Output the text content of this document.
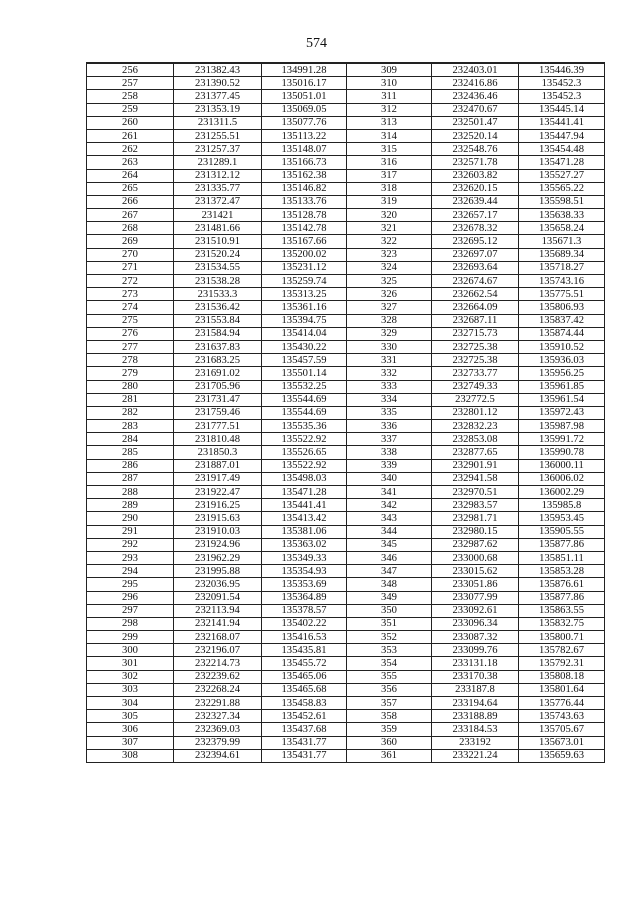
574
256	231382.43	134991.28	309	232403.01	135446.39
257	231390.52	135016.17	310	232416.86	135452.3
258	231377.45	135051.01	311	232436.46	135452.3
259	231353.19	135069.05	312	232470.67	135445.14
260	231311.5	135077.76	313	232501.47	135441.41
261	231255.51	135113.22	314	232520.14	135447.94
262	231257.37	135148.07	315	232548.76	135454.48
263	231289.1	135166.73	316	232571.78	135471.28
264	231312.12	135162.38	317	232603.82	135527.27
265	231335.77	135146.82	318	232620.15	135565.22
266	231372.47	135133.76	319	232639.44	135598.51
267	231421	135128.78	320	232657.17	135638.33
268	231481.66	135142.78	321	232678.32	135658.24
269	231510.91	135167.66	322	232695.12	135671.3
270	231520.24	135200.02	323	232697.07	135689.34
271	231534.55	135231.12	324	232693.64	135718.27
272	231538.28	135259.74	325	232674.67	135743.16
273	231533.3	135313.25	326	232662.54	135775.51
274	231536.42	135361.16	327	232664.09	135806.93
275	231553.84	135394.75	328	232687.11	135837.42
276	231584.94	135414.04	329	232715.73	135874.44
277	231637.83	135430.22	330	232725.38	135910.52
278	231683.25	135457.59	331	232725.38	135936.03
279	231691.02	135501.14	332	232733.77	135956.25
280	231705.96	135532.25	333	232749.33	135961.85
281	231731.47	135544.69	334	232772.5	135961.54
282	231759.46	135544.69	335	232801.12	135972.43
283	231777.51	135535.36	336	232832.23	135987.98
284	231810.48	135522.92	337	232853.08	135991.72
285	231850.3	135526.65	338	232877.65	135990.78
286	231887.01	135522.92	339	232901.91	136000.11
287	231917.49	135498.03	340	232941.58	136006.02
288	231922.47	135471.28	341	232970.51	136002.29
289	231916.25	135441.41	342	232983.57	135985.8
290	231915.63	135413.42	343	232981.71	135953.45
291	231910.03	135381.06	344	232980.15	135905.55
292	231924.96	135363.02	345	232987.62	135877.86
293	231962.29	135349.33	346	233000.68	135851.11
294	231995.88	135354.93	347	233015.62	135853.28
295	232036.95	135353.69	348	233051.86	135876.61
296	232091.54	135364.89	349	233077.99	135877.86
297	232113.94	135378.57	350	233092.61	135863.55
298	232141.94	135402.22	351	233096.34	135832.75
299	232168.07	135416.53	352	233087.32	135800.71
300	232196.07	135435.81	353	233099.76	135782.67
301	232214.73	135455.72	354	233131.18	135792.31
302	232239.62	135465.06	355	233170.38	135808.18
303	232268.24	135465.68	356	233187.8	135801.64
304	232291.88	135458.83	357	233194.64	135776.44
305	232327.34	135452.61	358	233188.89	135743.63
306	232369.03	135437.68	359	233184.53	135705.67
307	232379.99	135431.77	360	233192	135673.01
308	232394.61	135431.77	361	233221.24	135659.63
